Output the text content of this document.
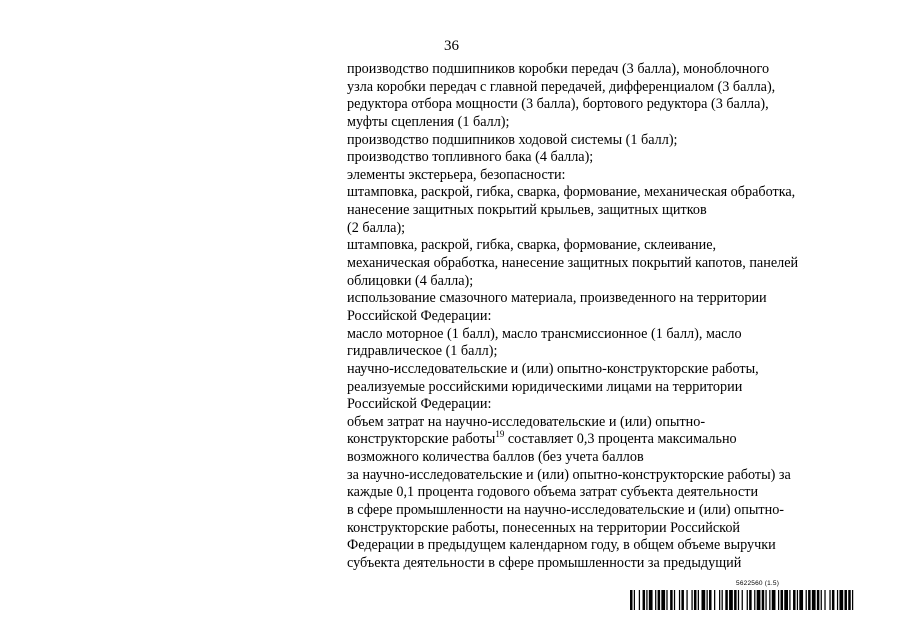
36
производство подшипников коробки передач (3 балла), моноблочного
узла коробки передач с главной передачей, дифференциалом (3 балла),
редуктора отбора мощности (3 балла), бортового редуктора (3 балла),
муфты сцепления (1 балл);
производство подшипников ходовой системы (1 балл);
производство топливного бака (4 балла);
элементы экстерьера, безопасности:
штамповка, раскрой, гибка, сварка, формование, механическая обработка,
нанесение защитных покрытий крыльев, защитных щитков
(2 балла);
штамповка, раскрой, гибка, сварка, формование, склеивание,
механическая обработка, нанесение защитных покрытий капотов, панелей
облицовки (4 балла);
использование смазочного материала, произведенного на территории
Российской Федерации:
масло моторное (1 балл), масло трансмиссионное (1 балл), масло
гидравлическое (1 балл);
научно-исследовательские и (или) опытно-конструкторские работы,
реализуемые российскими юридическими лицами на территории
Российской Федерации:
объем затрат на научно-исследовательские и (или) опытно-
конструкторские работы$^{19}$ составляет 0,3 процента максимально
возможного количества баллов (без учета баллов
за научно-исследовательские и (или) опытно-конструкторские работы) за
каждые 0,1 процента годового объема затрат субъекта деятельности
в сфере промышленности на научно-исследовательские и (или) опытно-
конструкторские работы, понесенных на территории Российской
Федерации в предыдущем календарном году, в общем объеме выручки
субъекта деятельности в сфере промышленности за предыдущий
5622560 (1.5)
